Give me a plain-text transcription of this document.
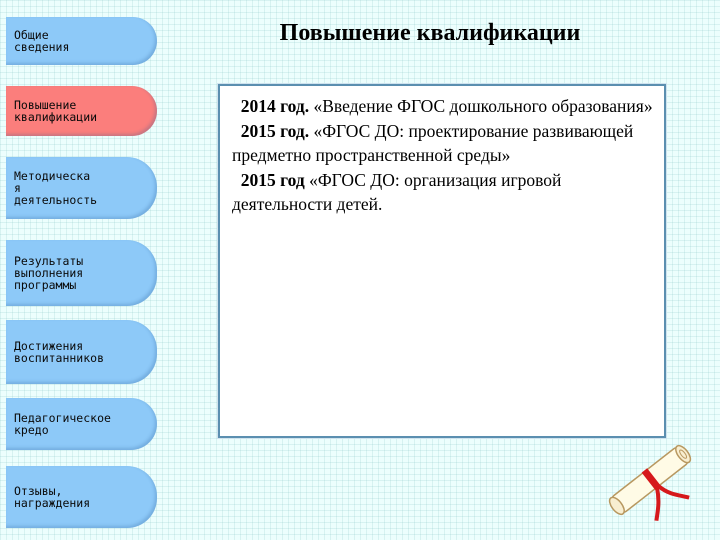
Общие
сведения
Повышение
квалификации
Методическа
я
деятельность
Результаты
выполнения
программы
Достижения
воспитанников
Педагогическое
кредо
Отзывы,
награждения
Повышение квалификации

2014 год. «Введение ФГОС дошкольного образования»

2015 год. «ФГОС ДО: проектирование развивающей предметно пространственной среды»

2015 год «ФГОС ДО: организация игровой деятельности детей.
